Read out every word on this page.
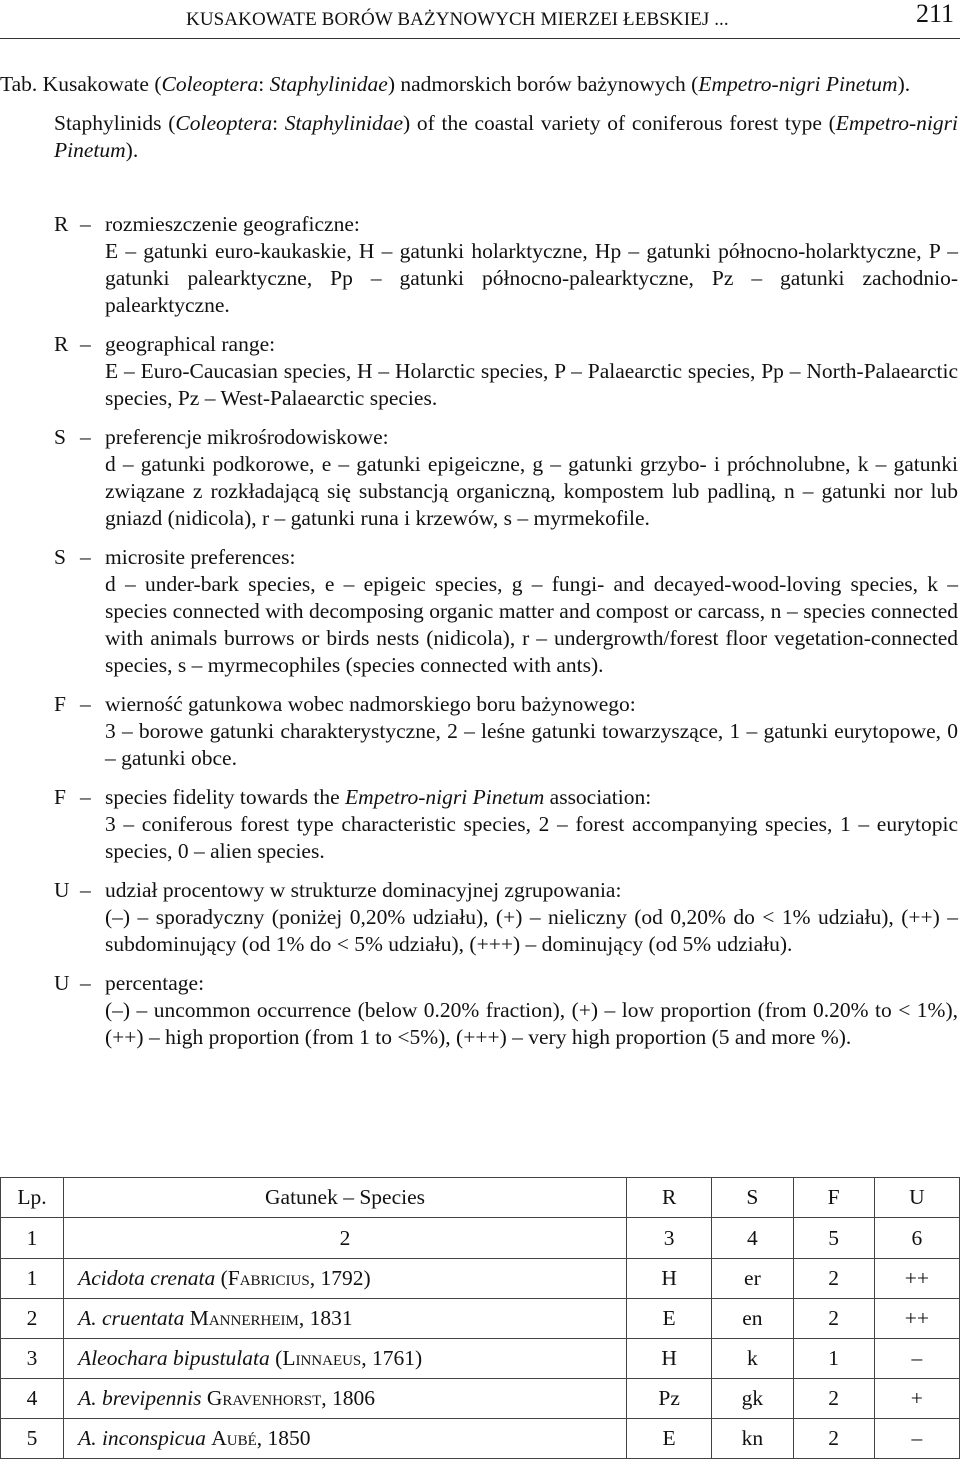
KUSAKOWATE BORÓW BAŻYNOWYCH MIERZEI ŁEBSKIEJ ...	211

Tab. Kusakowate (Coleoptera: Staphylinidae) nadmorskich borów bażynowych (Empetro-nigri Pinetum).

Staphylinids (Coleoptera: Staphylinidae) of the coastal variety of coniferous forest type (Empetro-nigri Pinetum).

R – rozmieszczenie geograficzne:
E – gatunki euro-kaukaskie, H – gatunki holarktyczne, Hp – gatunki północno-holarktyczne, P – gatunki palearktyczne, Pp – gatunki północno-palearktyczne, Pz – gatunki zachodnio-palearktyczne.
R – geographical range:
E – Euro-Caucasian species, H – Holarctic species, P – Palaearctic species, Pp – North-Palaearctic species, Pz – West-Palaearctic species.
S – preferencje mikrośrodowiskowe:
d – gatunki podkorowe, e – gatunki epigeiczne, g – gatunki grzybo- i próchnolubne, k – gatunki związane z rozkładającą się substancją organiczną, kompostem lub padliną, n – gatunki nor lub gniazd (nidicola), r – gatunki runa i krzewów, s – myrmekofile.
S – microsite preferences:
d – under-bark species, e – epigeic species, g – fungi- and decayed-wood-loving species, k – species connected with decomposing organic matter and compost or carcass, n – species connected with animals burrows or birds nests (nidicola), r – undergrowth/forest floor vegetation-connected species, s – myrmecophiles (species connected with ants).
F – wierność gatunkowa wobec nadmorskiego boru bażynowego:
3 – borowe gatunki charakterystyczne, 2 – leśne gatunki towarzyszące, 1 – gatunki eurytopowe, 0 – gatunki obce.
F – species fidelity towards the Empetro-nigri Pinetum association:
3 – coniferous forest type characteristic species, 2 – forest accompanying species, 1 – eurytopic species, 0 – alien species.
U – udział procentowy w strukturze dominacyjnej zgrupowania:
(–) – sporadyczny (poniżej 0,20% udziału), (+) – nieliczny (od 0,20% do < 1% udziału), (++) – subdominujący (od 1% do < 5% udziału), (+++) – dominujący (od 5% udziału).
U – percentage:
(–) – uncommon occurrence (below 0.20% fraction), (+) – low proportion (from 0.20% to < 1%), (++) – high proportion (from 1 to <5%), (+++) – very high proportion (5 and more %).
Lp.	Gatunek – Species	R	S	F	U
1	2	3	4	5	6
1	Acidota crenata (Fabricius, 1792)	H	er	2	++
2	A. cruentata Mannerheim, 1831	E	en	2	++
3	Aleochara bipustulata (Linnaeus, 1761)	H	k	1	–
4	A. brevipennis Gravenhorst, 1806	Pz	gk	2	+
5	A. inconspicua Aubé, 1850	E	kn	2	–
